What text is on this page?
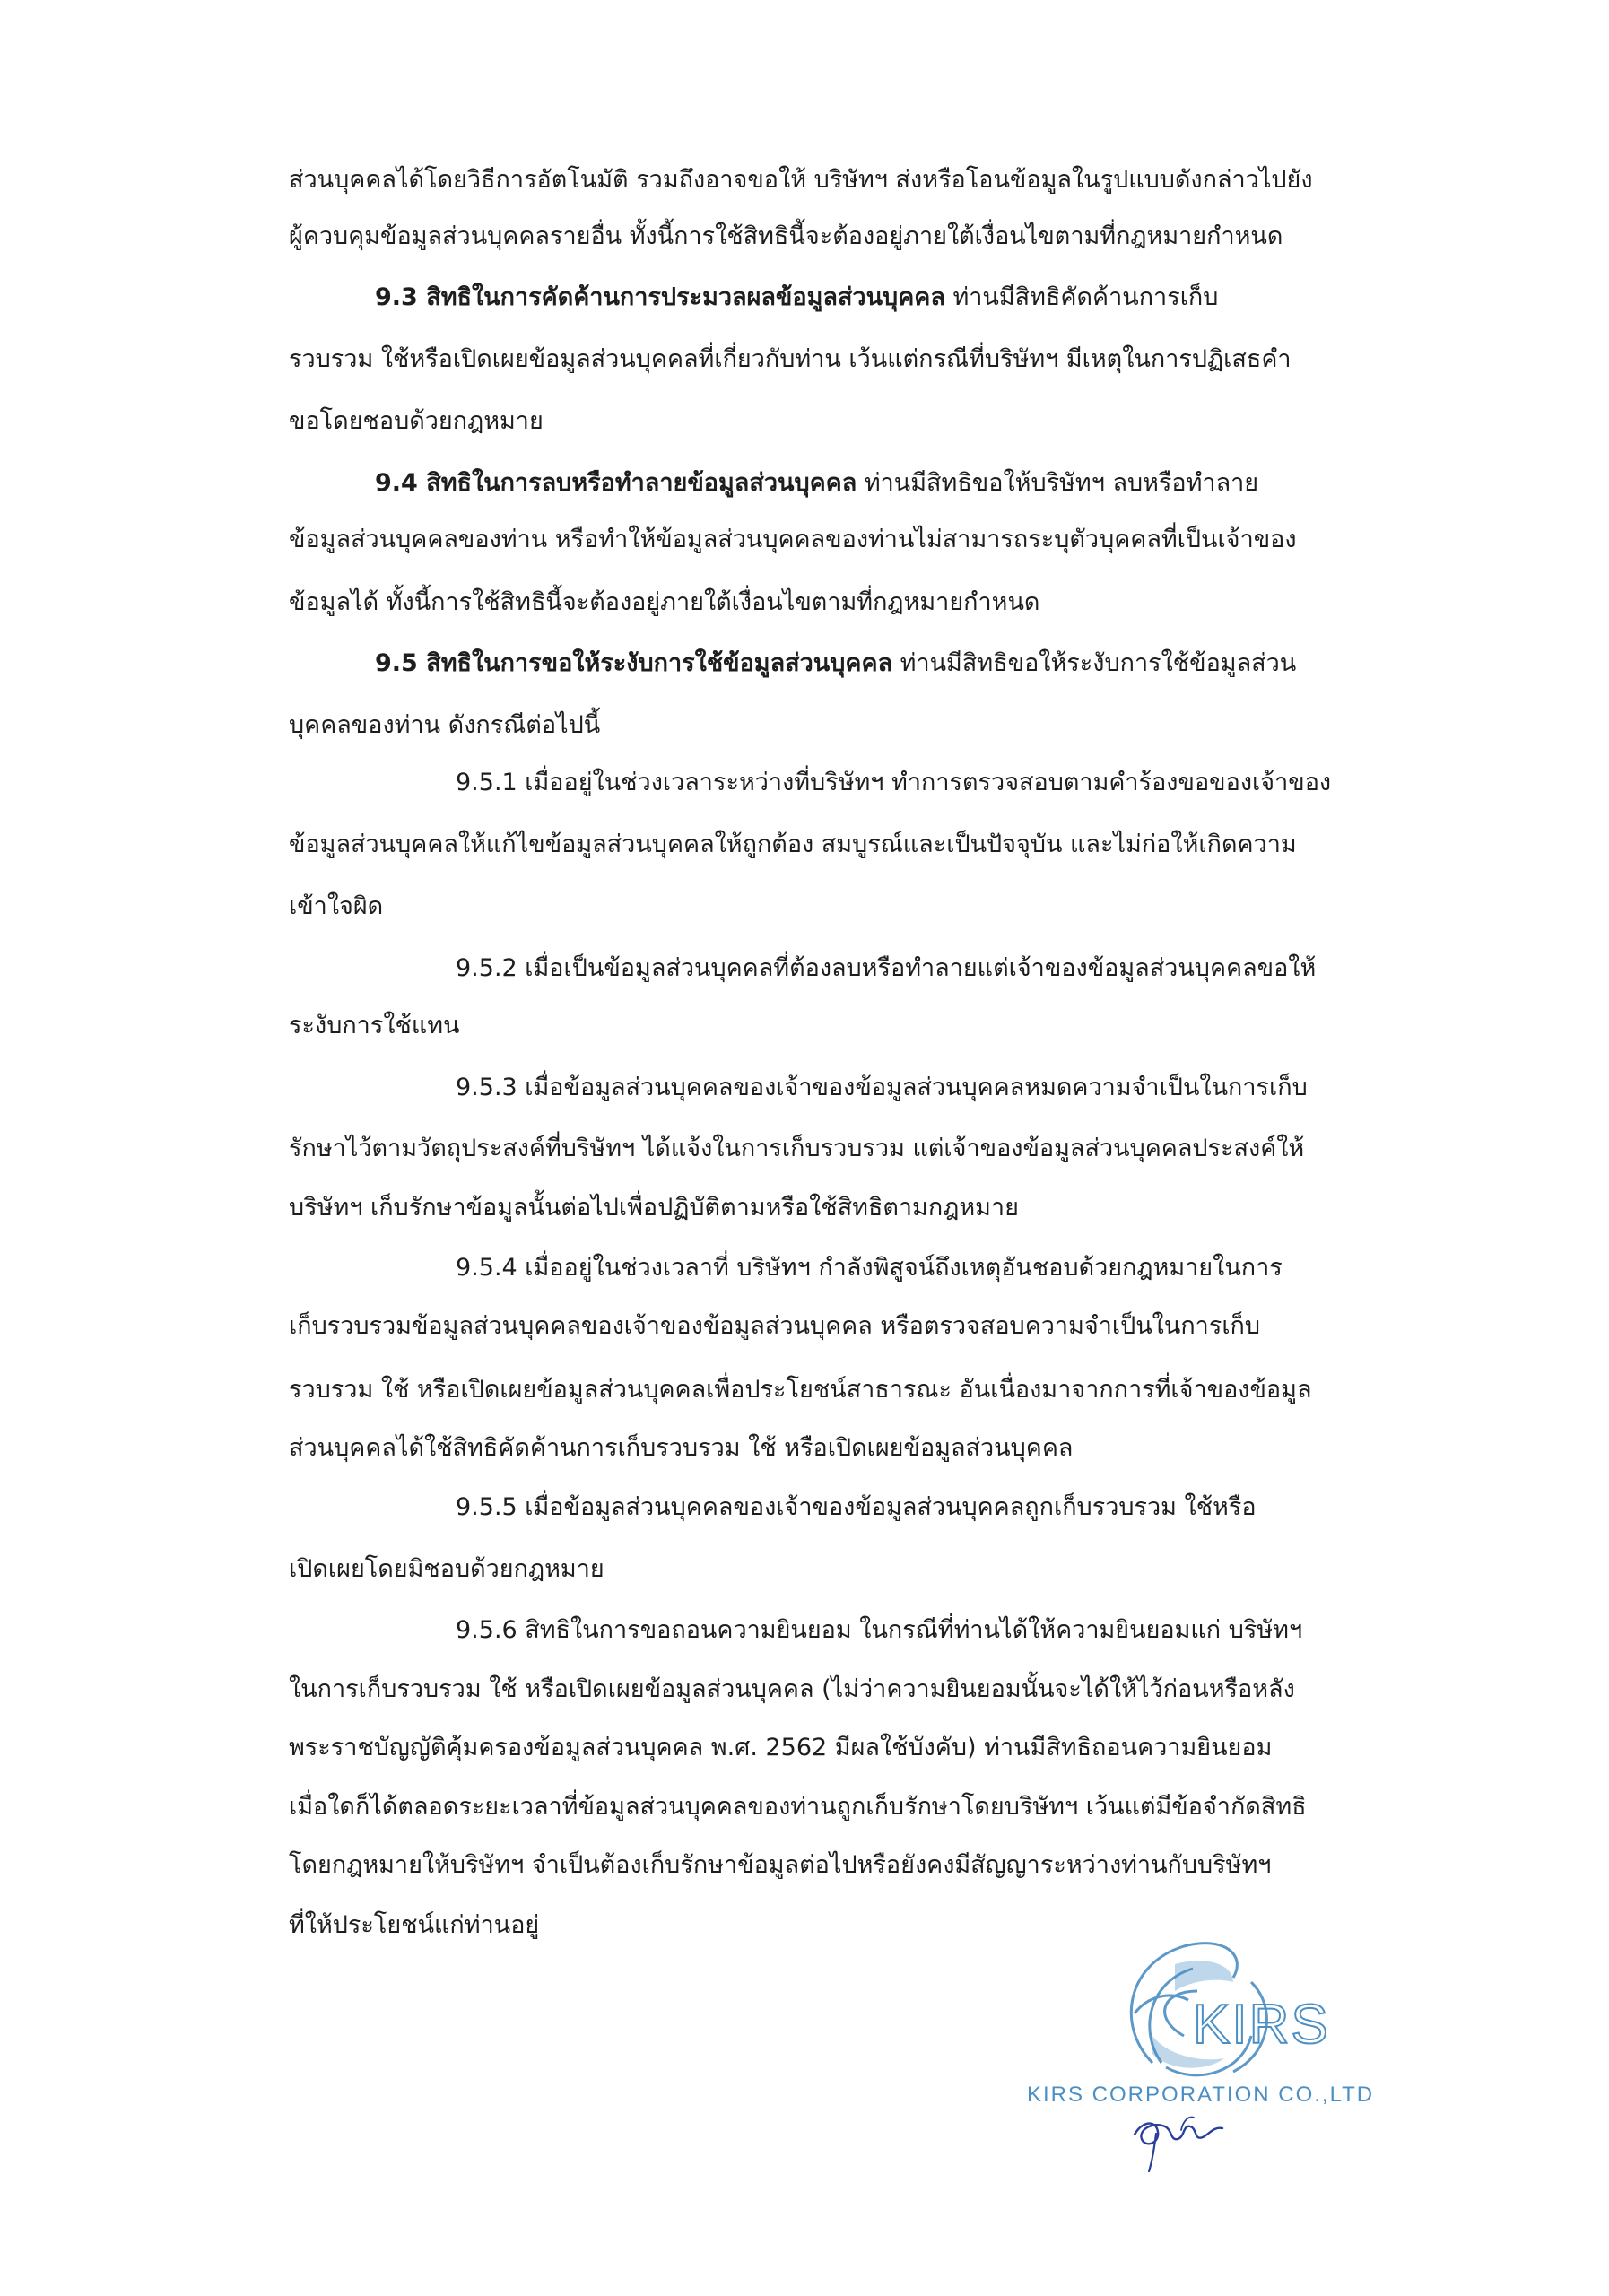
ส่วนบุคคลได้โดยวิธีการอัตโนมัติ รวมถึงอาจขอให้ บริษัทฯ ส่งหรือโอนข้อมูลในรูปแบบดังกล่าวไปยัง
ผู้ควบคุมข้อมูลส่วนบุคคลรายอื่น ทั้งนี้การใช้สิทธินี้จะต้องอยู่ภายใต้เงื่อนไขตามที่กฎหมายกำหนด
9.3 สิทธิในการคัดค้านการประมวลผลข้อมูลส่วนบุคคล ท่านมีสิทธิคัดค้านการเก็บ
รวบรวม ใช้หรือเปิดเผยข้อมูลส่วนบุคคลที่เกี่ยวกับท่าน เว้นแต่กรณีที่บริษัทฯ มีเหตุในการปฏิเสธคำ
ขอโดยชอบด้วยกฎหมาย
9.4 สิทธิในการลบหรือทำลายข้อมูลส่วนบุคคล ท่านมีสิทธิขอให้บริษัทฯ ลบหรือทำลาย
ข้อมูลส่วนบุคคลของท่าน หรือทำให้ข้อมูลส่วนบุคคลของท่านไม่สามารถระบุตัวบุคคลที่เป็นเจ้าของ
ข้อมูลได้ ทั้งนี้การใช้สิทธินี้จะต้องอยู่ภายใต้เงื่อนไขตามที่กฎหมายกำหนด
9.5 สิทธิในการขอให้ระงับการใช้ข้อมูลส่วนบุคคล ท่านมีสิทธิขอให้ระงับการใช้ข้อมูลส่วน
บุคคลของท่าน ดังกรณีต่อไปนี้
9.5.1 เมื่ออยู่ในช่วงเวลาระหว่างที่บริษัทฯ ทำการตรวจสอบตามคำร้องขอของเจ้าของ
ข้อมูลส่วนบุคคลให้แก้ไขข้อมูลส่วนบุคคลให้ถูกต้อง สมบูรณ์และเป็นปัจจุบัน และไม่ก่อให้เกิดความ
เข้าใจผิด
9.5.2 เมื่อเป็นข้อมูลส่วนบุคคลที่ต้องลบหรือทำลายแต่เจ้าของข้อมูลส่วนบุคคลขอให้
ระงับการใช้แทน
9.5.3 เมื่อข้อมูลส่วนบุคคลของเจ้าของข้อมูลส่วนบุคคลหมดความจำเป็นในการเก็บ
รักษาไว้ตามวัตถุประสงค์ที่บริษัทฯ ได้แจ้งในการเก็บรวบรวม แต่เจ้าของข้อมูลส่วนบุคคลประสงค์ให้
บริษัทฯ เก็บรักษาข้อมูลนั้นต่อไปเพื่อปฏิบัติตามหรือใช้สิทธิตามกฎหมาย
9.5.4 เมื่ออยู่ในช่วงเวลาที่ บริษัทฯ กำลังพิสูจน์ถึงเหตุอันชอบด้วยกฎหมายในการ
เก็บรวบรวมข้อมูลส่วนบุคคลของเจ้าของข้อมูลส่วนบุคคล หรือตรวจสอบความจำเป็นในการเก็บ
รวบรวม ใช้ หรือเปิดเผยข้อมูลส่วนบุคคลเพื่อประโยชน์สาธารณะ อันเนื่องมาจากการที่เจ้าของข้อมูล
ส่วนบุคคลได้ใช้สิทธิคัดค้านการเก็บรวบรวม ใช้ หรือเปิดเผยข้อมูลส่วนบุคคล
9.5.5 เมื่อข้อมูลส่วนบุคคลของเจ้าของข้อมูลส่วนบุคคลถูกเก็บรวบรวม ใช้หรือ
เปิดเผยโดยมิชอบด้วยกฎหมาย
9.5.6 สิทธิในการขอถอนความยินยอม ในกรณีที่ท่านได้ให้ความยินยอมแก่ บริษัทฯ
ในการเก็บรวบรวม ใช้ หรือเปิดเผยข้อมูลส่วนบุคคล (ไม่ว่าความยินยอมนั้นจะได้ให้ไว้ก่อนหรือหลัง
พระราชบัญญัติคุ้มครองข้อมูลส่วนบุคคล พ.ศ. 2562 มีผลใช้บังคับ) ท่านมีสิทธิถอนความยินยอม
เมื่อใดก็ได้ตลอดระยะเวลาที่ข้อมูลส่วนบุคคลของท่านถูกเก็บรักษาโดยบริษัทฯ เว้นแต่มีข้อจำกัดสิทธิ
โดยกฎหมายให้บริษัทฯ จำเป็นต้องเก็บรักษาข้อมูลต่อไปหรือยังคงมีสัญญาระหว่างท่านกับบริษัทฯ
ที่ให้ประโยชน์แก่ท่านอยู่
KIRS
KIRS CORPORATION CO.,LTD
